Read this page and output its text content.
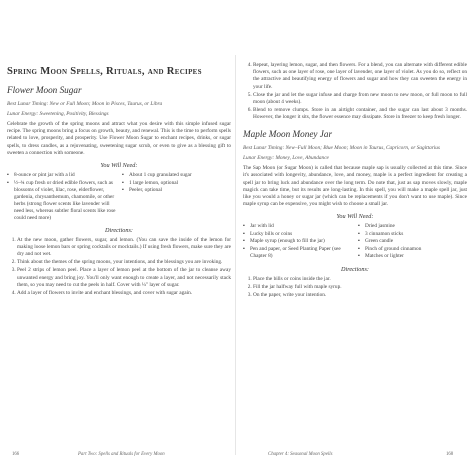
Spring Moon Spells, Rituals, and Recipes
Flower Moon Sugar
Best Lunar Timing: New or Full Moon; Moon in Pisces, Taurus, or Libra
Lunar Energy: Sweetening, Positivity, Blessings

Celebrate the growth of the spring moons and attract what you desire with this simple infused sugar recipe. The spring moons bring a focus on growth, beauty, and renewal. This is the time to perform spells related to love, prosperity, and prosperity. Use Flower Moon Sugar to enchant recipes, drinks, or sugar spells, to dress candles, as a rejuvenating, sweetening sugar scrub, or even to give as a blessing gift to sweeten a connection with someone.

You Will Need:
▪ 8-ounce or pint jar with a lid
▪ ½–¾ cup fresh or dried edible flowers, such as blossoms of violet, lilac, rose, elderflower, gardenia, chrysanthemum, chamomile, or other herbs (strong flower scents like lavender will need less, whereas subtler floral scents like rose could need more)
▪ About 1 cup granulated sugar
▪ 1 large lemon, optional
▪ Peeler, optional
Directions:
1. At the new moon, gather flowers, sugar, and lemon. (You can save the inside of the lemon for making loose lemon bars or spring cocktails or mocktails.) If using fresh flowers, make sure they are dry and not wet.
2. Think about the themes of the spring moons, your intentions, and the blessings you are invoking.
3. Peel 2 strips of lemon peel. Place a layer of lemon peel at the bottom of the jar to cleanse away unwanted energy and bring joy. You'll only want enough to create a layer, and not necessarily stack them, so you may need to cut the peels in half. Cover with ¼" layer of sugar.
4. Add a layer of flowers to invite and enchant blessings, and cover with sugar again.
4. Repeat, layering lemon, sugar, and then flowers. For a blend, you can alternate with different edible flowers, such as one layer of rose, one layer of lavender, one layer of violet. As you do so, reflect on the attractive and beautifying energy of flowers and sugar and how they can sweeten the energy in your life.
5. Close the jar and let the sugar infuse and charge from new moon to new moon, or full moon to full moon (about 4 weeks).
6. Blend to remove clumps. Store in an airtight container, and the sugar can last about 3 months. However, the longer it sits, the flower essence may dissipate. Store in freezer to keep fresh longer.
Maple Moon Money Jar
Best Lunar Timing: New–Full Moon; Blue Moon; Moon in Taurus, Capricorn, or Sagittarius
Lunar Energy: Money, Love, Abundance

The Sap Moon (or Sugar Moon) is called that because maple sap is usually collected at this time. Since it's associated with longevity, abundance, love, and money, maple is a perfect ingredient for creating a spell jar to bring luck and abundance over the long term. Do note that, just as sap moves slowly, maple magick can take time, but its results are long-lasting. In this spell, you will make a maple spell jar, just like you would a honey or sugar jar (which can be replacements if you don't want to use maple). Since maple syrup can be expensive, you might wish to choose a small jar.

You Will Need:
▪ Jar with lid
▪ Lucky bills or coins
▪ Maple syrup (enough to fill the jar)
▪ Pen and paper, or Seed Planting Paper (see Chapter 8)
▪ Dried jasmine
▪ 3 cinnamon sticks
▪ Green candle
▪ Pinch of ground cinnamon
▪ Matches or lighter
Directions:
1. Place the bills or coins inside the jar.
2. Fill the jar halfway full with maple syrup.
3. On the paper, write your intention.
166	Part Two: Spells and Rituals for Every Moon	Chapter 4: Seasonal Moon Spells	168
